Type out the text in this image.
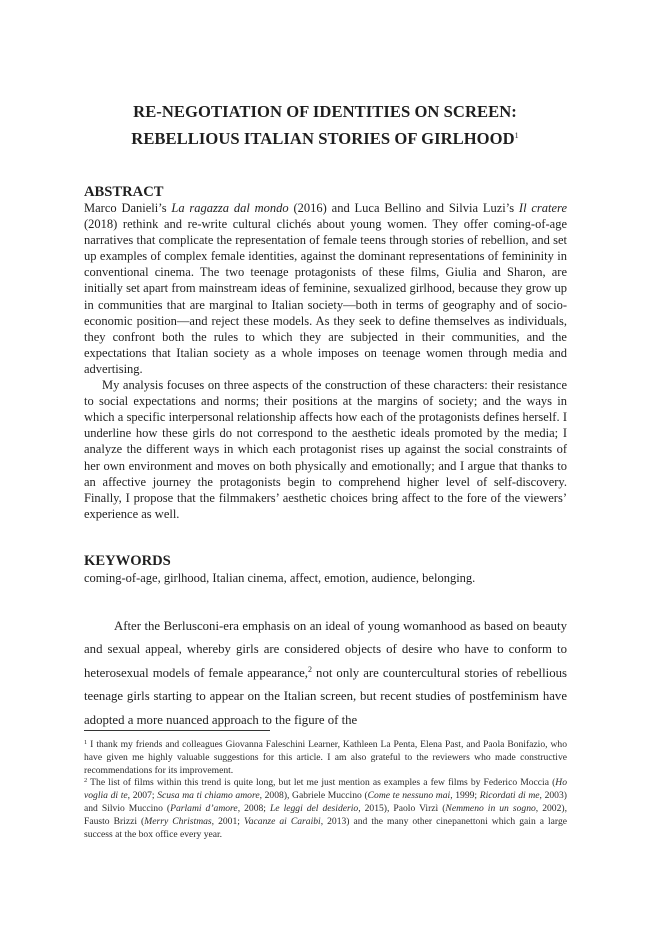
RE-NEGOTIATION OF IDENTITIES ON SCREEN:
REBELLIOUS ITALIAN STORIES OF GIRLHOOD$^1$
ABSTRACT

Marco Danieli’s La ragazza dal mondo (2016) and Luca Bellino and Silvia Luzi’s Il cratere (2018) rethink and re-write cultural clichés about young women. They offer coming-of-age narratives that complicate the representation of female teens through stories of rebellion, and set up examples of complex female identities, against the dominant representations of femininity in conventional cinema. The two teenage protagonists of these films, Giulia and Sharon, are initially set apart from mainstream ideas of feminine, sexualized girlhood, because they grow up in communities that are marginal to Italian society—both in terms of geography and of socio-economic position—and reject these models. As they seek to define themselves as individuals, they confront both the rules to which they are subjected in their communities, and the expectations that Italian society as a whole imposes on teenage women through media and advertising.

My analysis focuses on three aspects of the construction of these characters: their resistance to social expectations and norms; their positions at the margins of society; and the ways in which a specific interpersonal relationship affects how each of the protagonists defines herself. I underline how these girls do not correspond to the aesthetic ideals promoted by the media; I analyze the different ways in which each protagonist rises up against the social constraints of her own environment and moves on both physically and emotionally; and I argue that thanks to an affective journey the protagonists begin to comprehend higher level of self-discovery. Finally, I propose that the filmmakers’ aesthetic choices bring affect to the fore of the viewers’ experience as well.

KEYWORDS
coming-of-age, girlhood, Italian cinema, affect, emotion, audience, belonging.

After the Berlusconi-era emphasis on an ideal of young womanhood as based on beauty and sexual appeal, whereby girls are considered objects of desire who have to conform to heterosexual models of female appearance,$^2$ not only are countercultural stories of rebellious teenage girls starting to appear on the Italian screen, but recent studies of postfeminism have adopted a more nuanced approach to the figure of the

$^1$ I thank my friends and colleagues Giovanna Faleschini Learner, Kathleen La Penta, Elena Past, and Paola Bonifazio, who have given me highly valuable suggestions for this article. I am also grateful to the reviewers who made constructive recommendations for its improvement.

$^2$ The list of films within this trend is quite long, but let me just mention as examples a few films by Federico Moccia (Ho voglia di te, 2007; Scusa ma ti chiamo amore, 2008), Gabriele Muccino (Come te nessuno mai, 1999; Ricordati di me, 2003) and Silvio Muccino (Parlami d’amore, 2008; Le leggi del desiderio, 2015), Paolo Virzì (Nemmeno in un sogno, 2002), Fausto Brizzi (Merry Christmas, 2001; Vacanze ai Caraibi, 2013) and the many other cinepanettoni which gain a large success at the box office every year.
